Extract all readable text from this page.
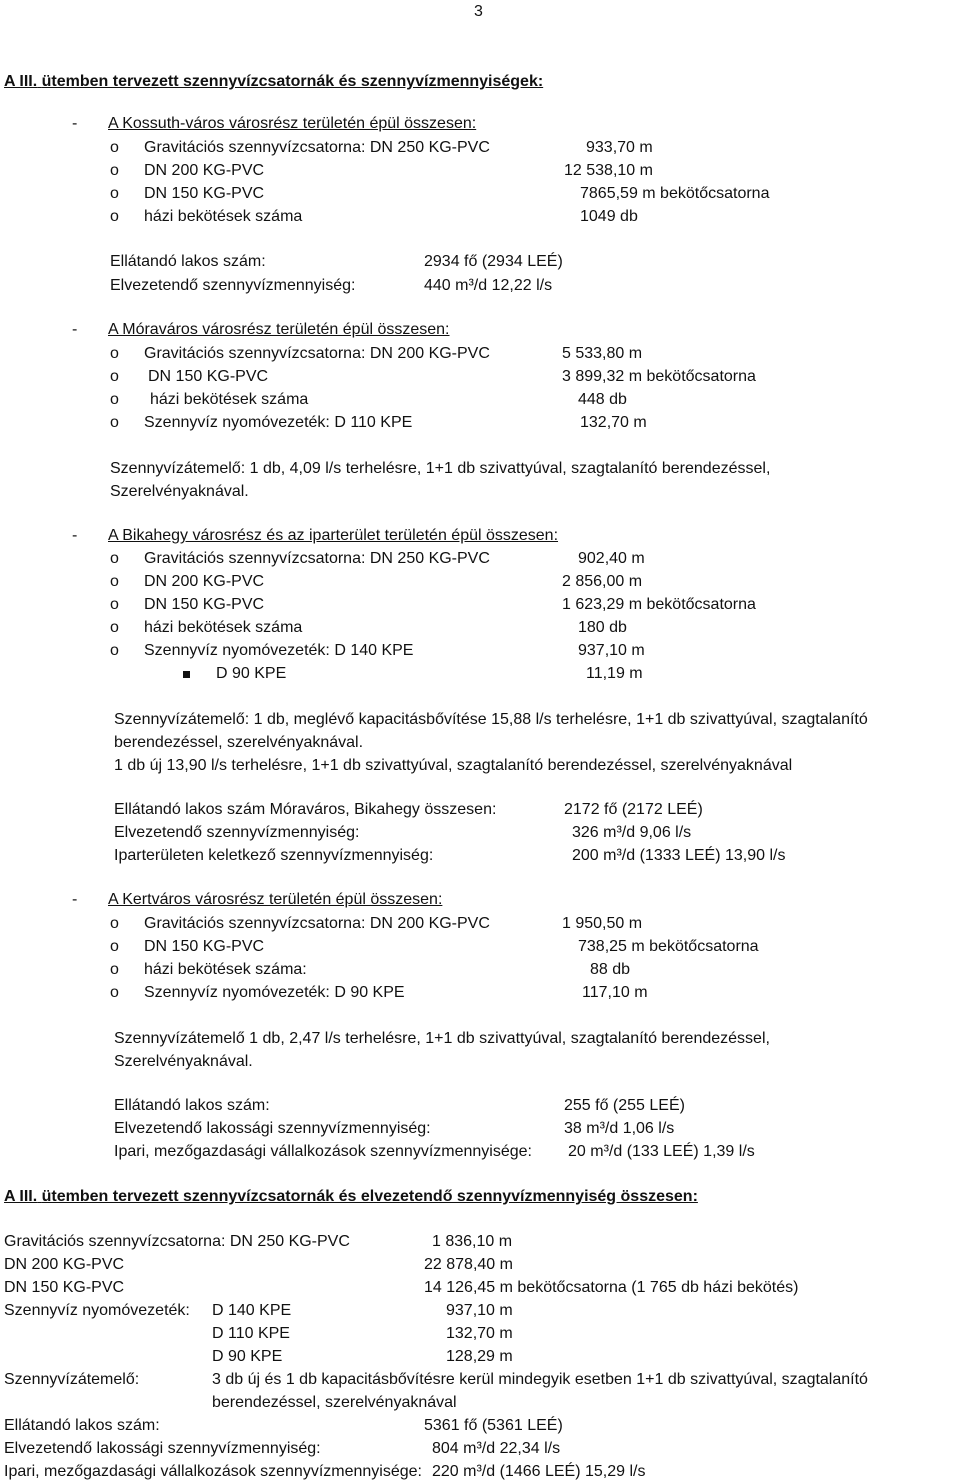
3
A III. ütemben tervezett szennyvízcsatornák és szennyvízmennyiségek:
- A Kossuth-város városrész területén épül összesen:
o Gravitációs szennyvízcsatorna: DN 250 KG-PVC	933,70 m
o DN 200 KG-PVC	12 538,10 m
o DN 150 KG-PVC	7865,59 m bekötőcsatorna
o házi bekötések száma	1049 db
Ellátandó lakos szám:	2934 fő (2934 LEÉ)
Elvezetendő szennyvízmennyiség:	440 m³/d 12,22 l/s
- A Móraváros városrész területén épül összesen:
o Gravitációs szennyvízcsatorna: DN 200 KG-PVC	5 533,80 m
o DN 150 KG-PVC	3 899,32 m bekötőcsatorna
o házi bekötések száma	448 db
o Szennyvíz nyomóvezeték: D 110 KPE	132,70 m
Szennyvízátemelő: 1 db, 4,09 l/s terhelésre, 1+1 db szivattyúval, szagtalanító berendezéssel,
Szerelvényaknával.
- A Bikahegy városrész és az iparterület területén épül összesen:
o Gravitációs szennyvízcsatorna: DN 250 KG-PVC	902,40 m
o DN 200 KG-PVC	2 856,00 m
o DN 150 KG-PVC	1 623,29 m bekötőcsatorna
o házi bekötések száma	180 db
o Szennyvíz nyomóvezeték: D 140 KPE	937,10 m
D 90 KPE	11,19 m
Szennyvízátemelő: 1 db, meglévő kapacitásbővítése 15,88 l/s terhelésre, 1+1 db szivattyúval, szagtalanító
berendezéssel, szerelvényaknával.
1 db új 13,90 l/s terhelésre, 1+1 db szivattyúval, szagtalanító berendezéssel, szerelvényaknával
Ellátandó lakos szám Móraváros, Bikahegy összesen:	2172 fő (2172 LEÉ)
Elvezetendő szennyvízmennyiség:	326 m³/d 9,06 l/s
Iparterületen keletkező szennyvízmennyiség:	200 m³/d (1333 LEÉ) 13,90 l/s
- A Kertváros városrész területén épül összesen:
o Gravitációs szennyvízcsatorna: DN 200 KG-PVC	1 950,50 m
o DN 150 KG-PVC	738,25 m bekötőcsatorna
o házi bekötések száma:	88 db
o Szennyvíz nyomóvezeték: D 90 KPE	117,10 m
Szennyvízátemelő 1 db, 2,47 l/s terhelésre, 1+1 db szivattyúval, szagtalanító berendezéssel,
Szerelvényaknával.
Ellátandó lakos szám:	255 fő (255 LEÉ)
Elvezetendő lakossági szennyvízmennyiség:	38 m³/d 1,06 l/s
Ipari, mezőgazdasági vállalkozások szennyvízmennyisége: 20 m³/d (133 LEÉ) 1,39 l/s
A III. ütemben tervezett szennyvízcsatornák és elvezetendő szennyvízmennyiség összesen:
Gravitációs szennyvízcsatorna: DN 250 KG-PVC	1 836,10 m
DN 200 KG-PVC	22 878,40 m
DN 150 KG-PVC	14 126,45 m bekötőcsatorna (1 765 db házi bekötés)
Szennyvíz nyomóvezeték: D 140 KPE	937,10 m
D 110 KPE	132,70 m
D 90 KPE	128,29 m
Szennyvízátemelő:	3 db új és 1 db kapacitásbővítésre kerül mindegyik esetben 1+1 db szivattyúval, szagtalanító
berendezéssel, szerelvényaknával
Ellátandó lakos szám:	5361 fő (5361 LEÉ)
Elvezetendő lakossági szennyvízmennyiség:	804 m³/d 22,34 l/s
Ipari, mezőgazdasági vállalkozások szennyvízmennyisége: 220 m³/d (1466 LEÉ) 15,29 l/s
